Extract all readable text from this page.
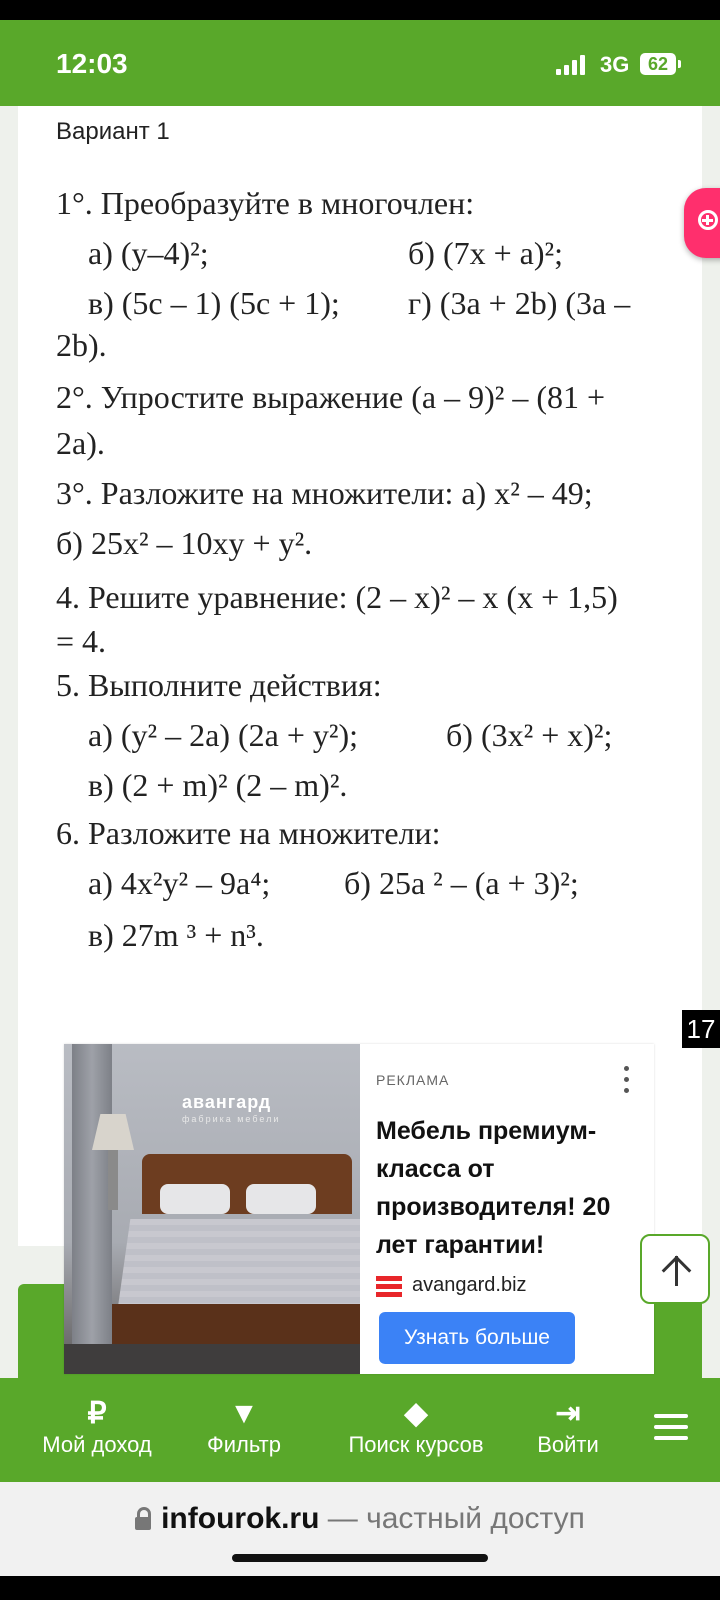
12:03	3G	62
Вариант 1
1°. Преобразуйте в многочлен:
а) (y–4)²;	б) (7x + a)²;
в) (5c – 1) (5c + 1); г) (3a + 2b) (3a –
2b).
2°. Упростите выражение (a – 9)² – (81 +
2a).
3°. Разложите на множители: а) x² – 49;
б) 25x² – 10xy + y².
4. Решите уравнение: (2 – x)² – x (x + 1,5)
= 4.
5. Выполните действия:
а) (y² – 2a) (2a + y²);	б) (3x² + x)²;
в) (2 + m)² (2 – m)².
6. Разложите на множители:
а) 4x²y² – 9a⁴; б) 25a ² – (a + 3)²;
в) 27m ³ + n³.
17
авангард
фабрика мебели
РЕКЛАМА
Мебель премиум-класса от производителя! 20 лет гарантии!
avangard.biz
Узнать больше
₽
Мой доход
▼
Фильтр
◆
Поиск курсов
⇥
Войти
infourok.ru — частный доступ
